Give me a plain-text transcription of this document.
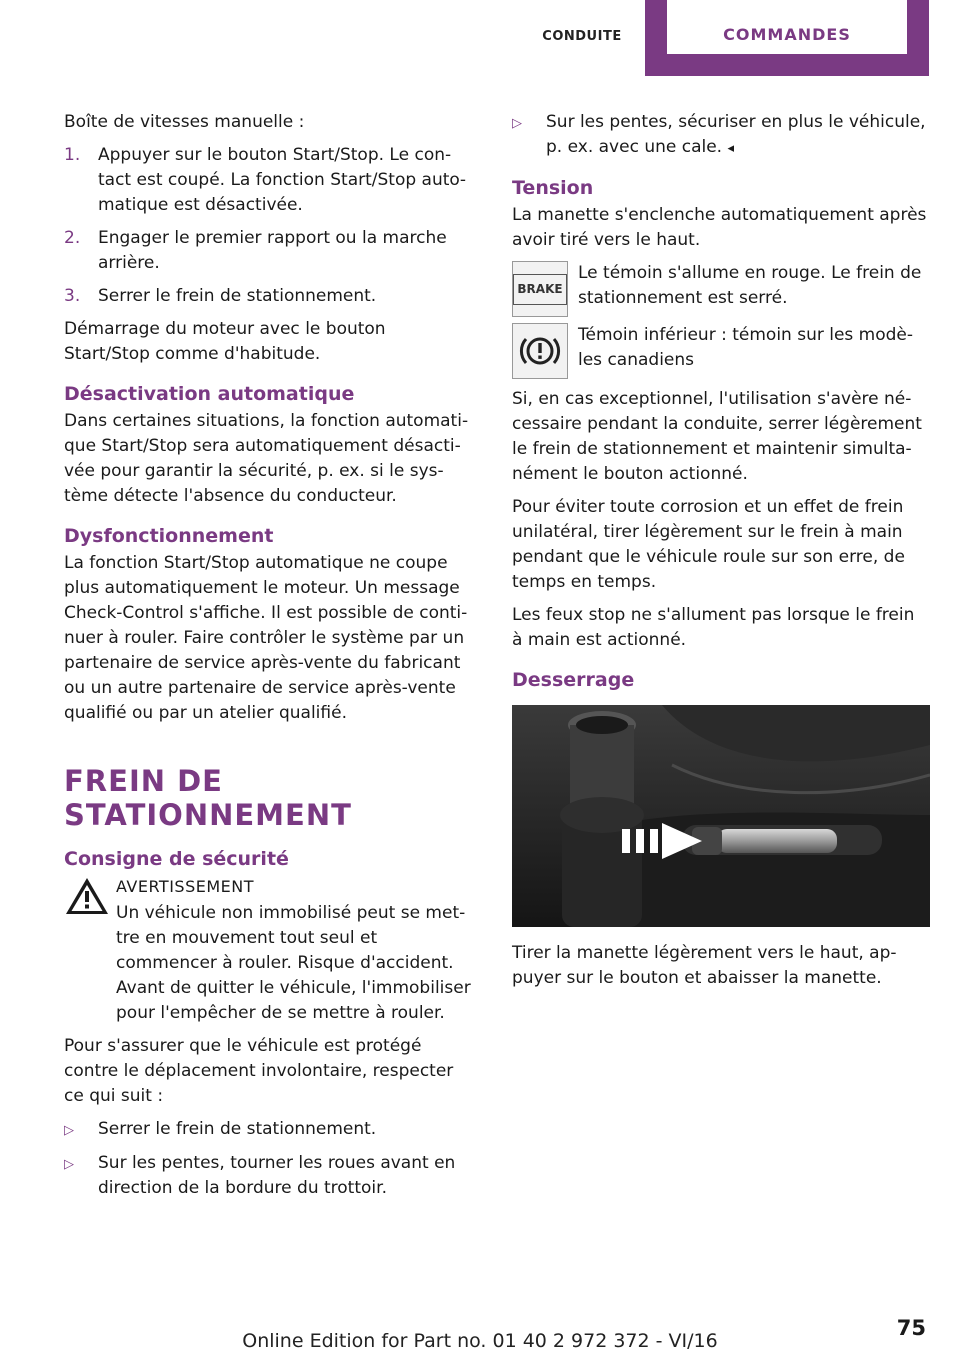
CONDUITE	COMMANDES

Boîte de vitesses manuelle :

1.	Appuyer sur le bouton Start/Stop. Le contact est coupé. La fonction Start/Stop automatique est désactivée.
2.	Engager le premier rapport ou la marche arrière.
3.	Serrer le frein de stationnement.

Démarrage du moteur avec le bouton Start/Stop comme d'habitude.

Désactivation automatique

Dans certaines situations, la fonction automatique Start/Stop sera automatiquement désactivée pour garantir la sécurité, p. ex. si le système détecte l'absence du conducteur.

Dysfonctionnement

La fonction Start/Stop automatique ne coupe plus automatiquement le moteur. Un message Check-Control s'affiche. Il est possible de continuer à rouler. Faire contrôler le système par un partenaire de service après-vente du fabricant ou un autre partenaire de service après-vente qualifié ou par un atelier qualifié.

FREIN DE STATIONNEMENT
Consigne de sécurité
AVERTISSEMENT
Un véhicule non immobilisé peut se mettre en mouvement tout seul et commencer à rouler. Risque d'accident. Avant de quitter le véhicule, l'immobiliser pour l'empêcher de se mettre à rouler.

Pour s'assurer que le véhicule est protégé contre le déplacement involontaire, respecter ce qui suit :

▷	Serrer le frein de stationnement.
▷	Sur les pentes, tourner les roues avant en direction de la bordure du trottoir.
▷	Sur les pentes, sécuriser en plus le véhicule, p. ex. avec une cale. ◂
Tension

La manette s'enclenche automatiquement après avoir tiré vers le haut.

BRAKE
Le témoin s'allume en rouge. Le frein de stationnement est serré.
Témoin inférieur : témoin sur les modèles canadiens

Si, en cas exceptionnel, l'utilisation s'avère nécessaire pendant la conduite, serrer légèrement le frein de stationnement et maintenir simultanément le bouton actionné.

Pour éviter toute corrosion et un effet de frein unilatéral, tirer légèrement sur le frein à main pendant que le véhicule roule sur son erre, de temps en temps.

Les feux stop ne s'allument pas lorsque le frein à main est actionné.

Desserrage

Tirer la manette légèrement vers le haut, appuyer sur le bouton et abaisser la manette.

75
Online Edition for Part no. 01 40 2 972 372 - VI/16
